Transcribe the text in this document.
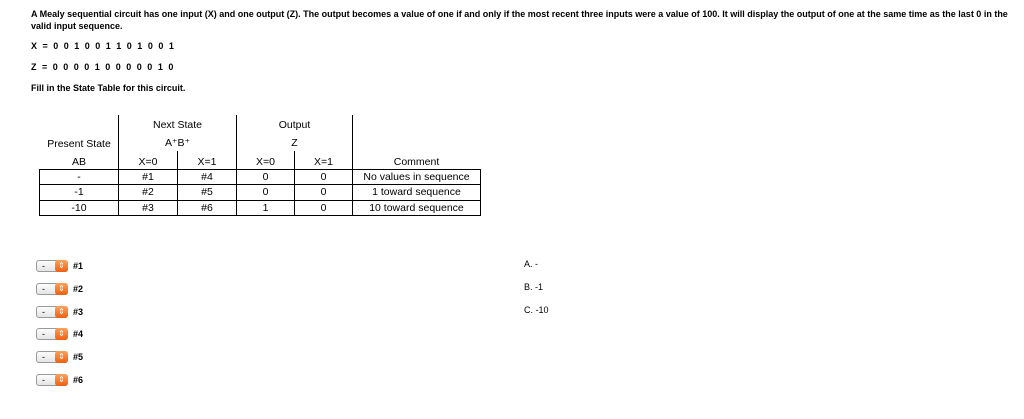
A Mealy sequential circuit has one input (X) and one output (Z). The output becomes a value of one if and only if the most recent three inputs were a value of 100. It will display the output of one at the same time as the last 0 in the valid input sequence.
X = 0 0 1 0 0 1 1 0 1 0 0 1
Z = 0 0 0 0 1 0 0 0 0 0 1 0
Fill in the State Table for this circuit.
Present State
AB
Next State
A⁺B⁺
Output
Z
X=0	X=1	X=0	X=1	Comment
-	#1	#4	0	0	No values in sequence
-1	#2	#5	0	0	1 toward sequence
-10	#3	#6	1	0	10 toward sequence
-	⇕ #1
-	⇕ #2
-	⇕ #3
-	⇕ #4
-	⇕ #5
-	⇕ #6
A. -
B. -1
C. -10
